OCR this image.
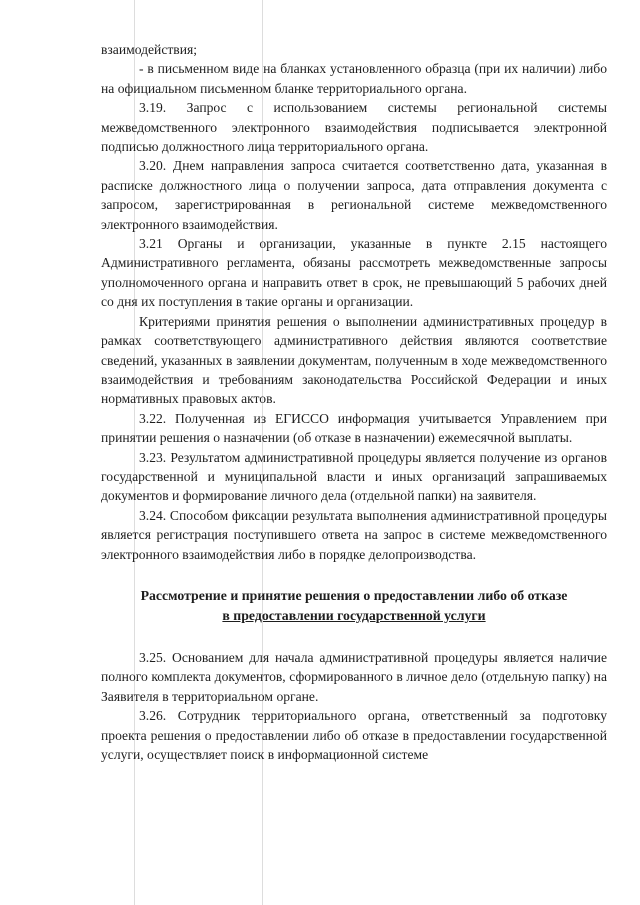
взаимодействия;

- в письменном виде на бланках установленного образца (при их наличии) либо на официальном письменном бланке территориального органа.

3.19. Запрос с использованием системы региональной системы межведомственного электронного взаимодействия подписывается электронной подписью должностного лица территориального органа.

3.20. Днем направления запроса считается соответственно дата, указанная в расписке должностного лица о получении запроса, дата отправления документа с запросом, зарегистрированная в региональной системе межведомственного электронного взаимодействия.

3.21 Органы и организации, указанные в пункте 2.15 настоящего Административного регламента, обязаны рассмотреть межведомственные запросы уполномоченного органа и направить ответ в срок, не превышающий 5 рабочих дней со дня их поступления в такие органы и организации.

Критериями принятия решения о выполнении административных процедур в рамках соответствующего административного действия являются соответствие сведений, указанных в заявлении документам, полученным в ходе межведомственного взаимодействия и требованиям законодательства Российской Федерации и иных нормативных правовых актов.

3.22. Полученная из ЕГИССО информация учитывается Управлением при принятии решения о назначении (об отказе в назначении) ежемесячной выплаты.

3.23. Результатом административной процедуры является получение из органов государственной и муниципальной власти и иных организаций запрашиваемых документов и формирование личного дела (отдельной папки) на заявителя.

3.24. Способом фиксации результата выполнения административной процедуры является регистрация поступившего ответа на запрос в системе межведомственного электронного взаимодействия либо в порядке делопроизводства.

Рассмотрение и принятие решения о предоставлении либо об отказе
в предоставлении государственной услуги

3.25. Основанием для начала административной процедуры является наличие полного комплекта документов, сформированного в личное дело (отдельную папку) на Заявителя в территориальном органе.

3.26. Сотрудник территориального органа, ответственный за подготовку проекта решения о предоставлении либо об отказе в предоставлении государственной услуги, осуществляет поиск в информационной системе
